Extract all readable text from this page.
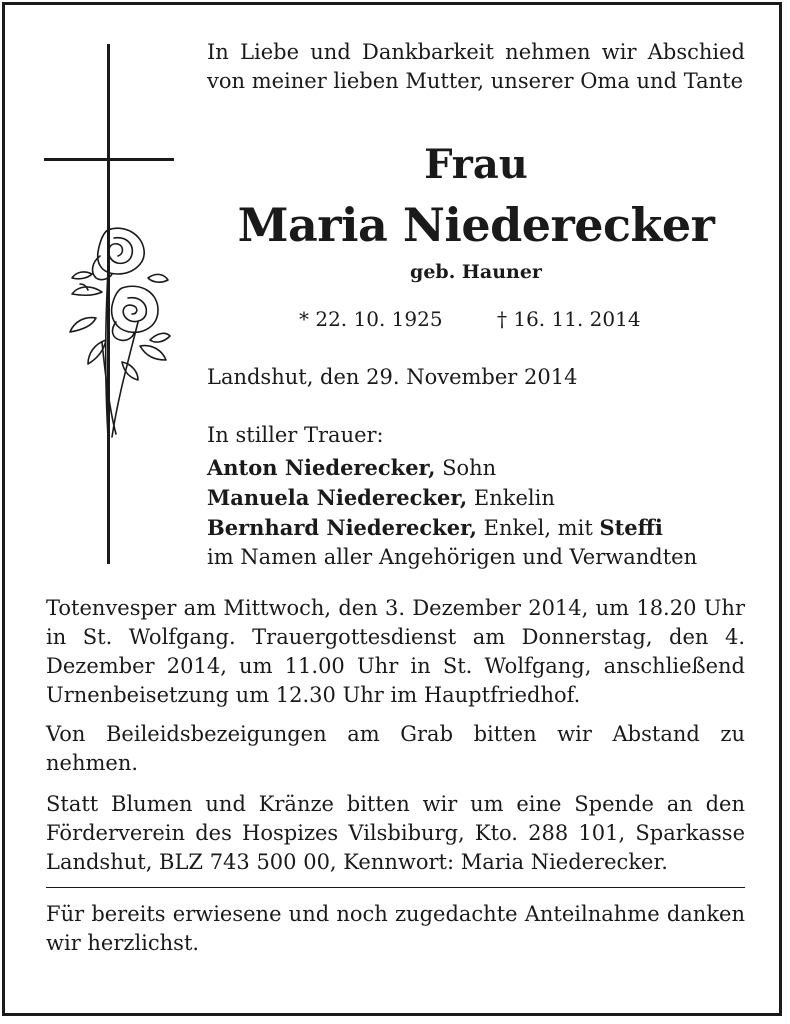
In Liebe und Dankbarkeit nehmen wir Abschied von meiner lieben Mutter, unserer Oma und Tante
Frau
Maria Niederecker
geb. Hauner
* 22. 10. 1925	† 16. 11. 2014
Landshut, den 29. November 2014
In stiller Trauer:
Anton Niederecker, Sohn
Manuela Niederecker, Enkelin
Bernhard Niederecker, Enkel, mit Steffi
im Namen aller Angehörigen und Verwandten
Totenvesper am Mittwoch, den 3. Dezember 2014, um 18.20 Uhr in St. Wolfgang. Trauergottesdienst am Donnerstag, den 4. Dezember 2014, um 11.00 Uhr in St. Wolfgang, anschließend Urnenbeisetzung um 12.30 Uhr im Hauptfriedhof.
Von Beileidsbezeigungen am Grab bitten wir Abstand zu nehmen.
Statt Blumen und Kränze bitten wir um eine Spende an den Förderverein des Hospizes Vilsbiburg, Kto. 288 101, Sparkasse Landshut, BLZ 743 500 00, Kennwort: Maria Niederecker.
Für bereits erwiesene und noch zugedachte Anteilnahme danken wir herzlichst.
